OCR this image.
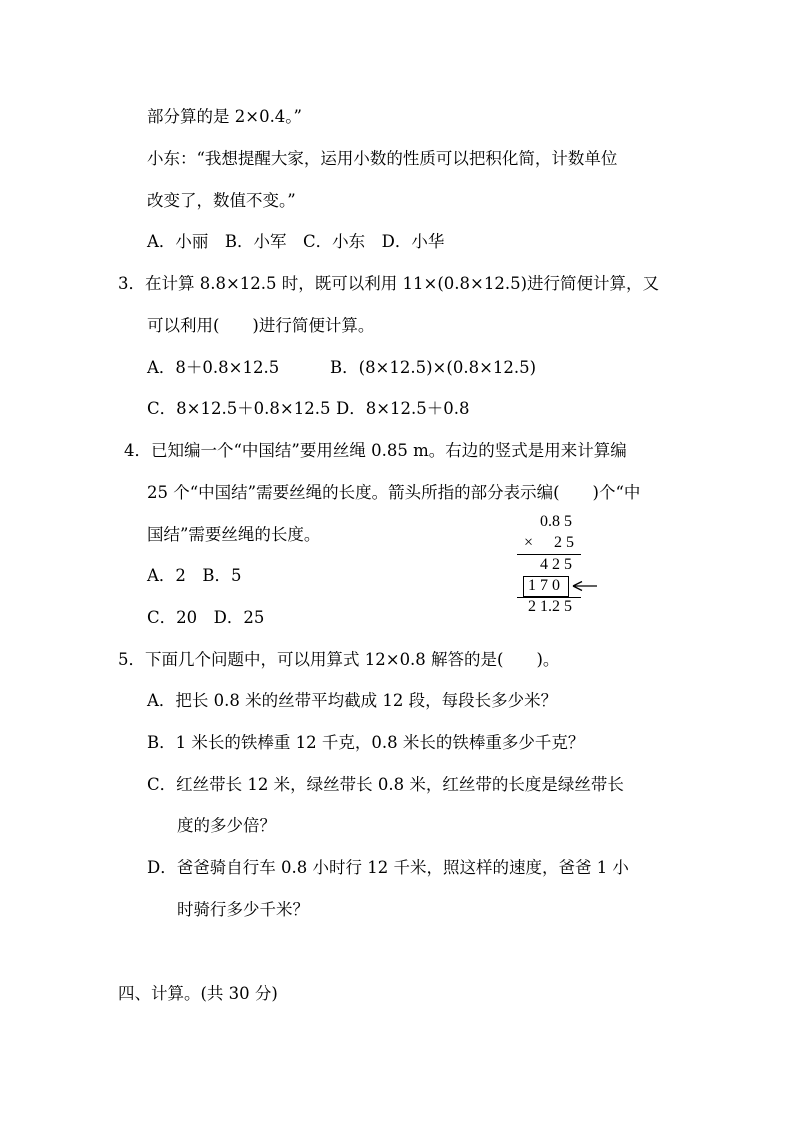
部分算的是 2×0.4。”
小东：“我想提醒大家，运用小数的性质可以把积化简，计数单位
改变了，数值不变。”
A．小丽　B．小军　C．小东　D．小华
3．在计算 8.8×12.5 时，既可以利用 11×(0.8×12.5)进行简便计算，又
可以利用(　　)进行简便计算。
A．8＋0.8×12.5	B．(8×12.5)×(0.8×12.5)
C．8×12.5＋0.8×12.5 D．8×12.5＋0.8
4．已知编一个“中国结”要用丝绳 0.85 m。右边的竖式是用来计算编
25 个“中国结”需要丝绳的长度。箭头所指的部分表示编(　　)个“中
国结”需要丝绳的长度。
A．2　B．5
C．20　D．25
0.8 5
× 2 5
4 2 5
1 7 0
2 1.2 5
5．下面几个问题中，可以用算式 12×0.8 解答的是(　　)。
A．把长 0.8 米的丝带平均截成 12 段，每段长多少米？
B．1 米长的铁棒重 12 千克，0.8 米长的铁棒重多少千克？
C．红丝带长 12 米，绿丝带长 0.8 米，红丝带的长度是绿丝带长
度的多少倍？
D．爸爸骑自行车 0.8 小时行 12 千米，照这样的速度，爸爸 1 小
时骑行多少千米？
四、计算。(共 30 分)
